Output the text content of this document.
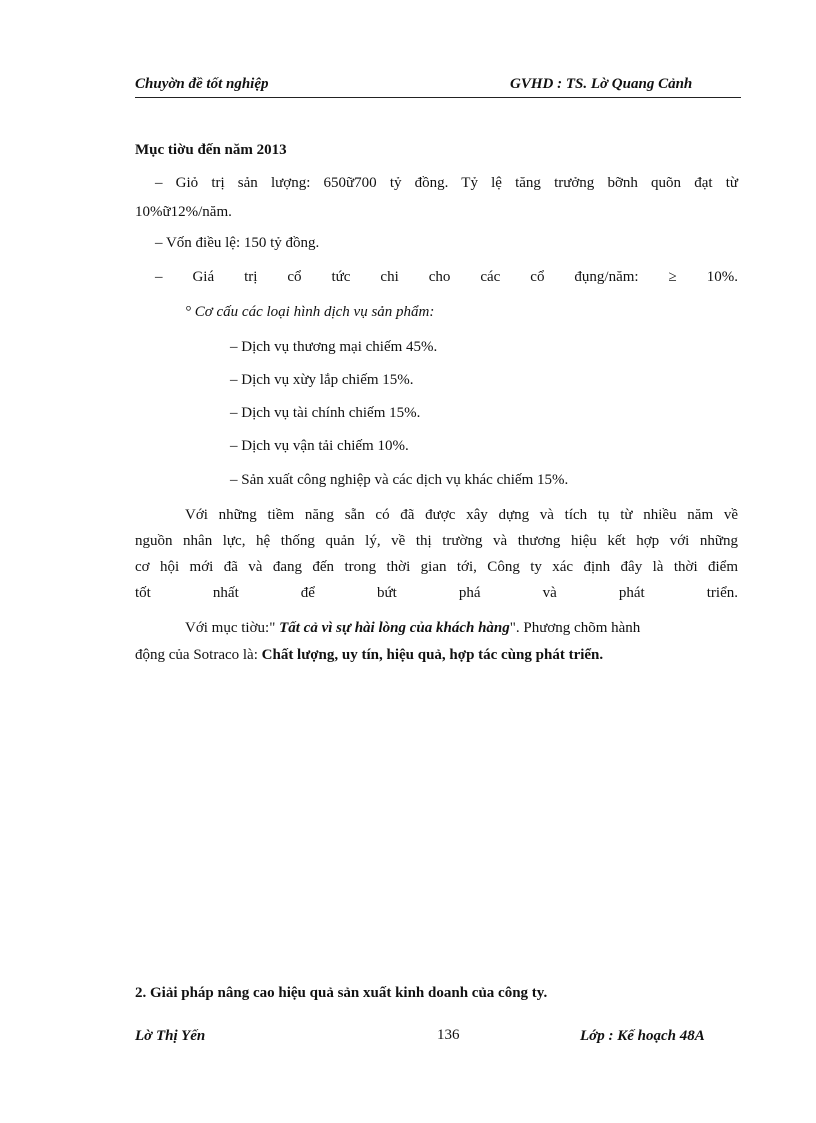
Chuyờn đề tốt nghiệp	GVHD : TS. Lờ Quang Cảnh
Mục tiờu đến năm 2013
– Giỏ trị sản lượng: 650ữ700 tỷ đồng. Tỷ lệ tăng trưởng bỡnh quõn đạt từ
10%ữ12%/năm.
– Vốn điều lệ: 150 tỷ đồng.
– Giá trị cổ tức chi cho các cổ đụng/năm: ≥ 10%.
° Cơ cấu các loại hình dịch vụ sản phẩm:
– Dịch vụ thương mại chiếm 45%.
– Dịch vụ xừy lắp chiếm 15%.
– Dịch vụ tài chính chiếm 15%.
– Dịch vụ vận tải chiếm 10%.
– Sản xuất công nghiệp và các dịch vụ khác chiếm 15%.
Với những tiềm năng sẵn có đã được xây dựng và tích tụ từ nhiều năm về
nguồn nhân lực, hệ thống quản lý, về thị trường và thương hiệu kết hợp với những
cơ hội mới đã và đang đến trong thời gian tới, Công ty xác định đây là thời điểm
tốt nhất để bứt phá và phát triển.
Với mục tiờu:" Tất cả vì sự hài lòng của khách hàng". Phương chõm hành
động của Sotraco là: Chất lượng, uy tín, hiệu quả, hợp tác cùng phát triển.
2. Giải pháp nâng cao hiệu quả sản xuất kinh doanh của công ty.
Lờ Thị Yến	136	Lớp : Kế hoạch 48A
